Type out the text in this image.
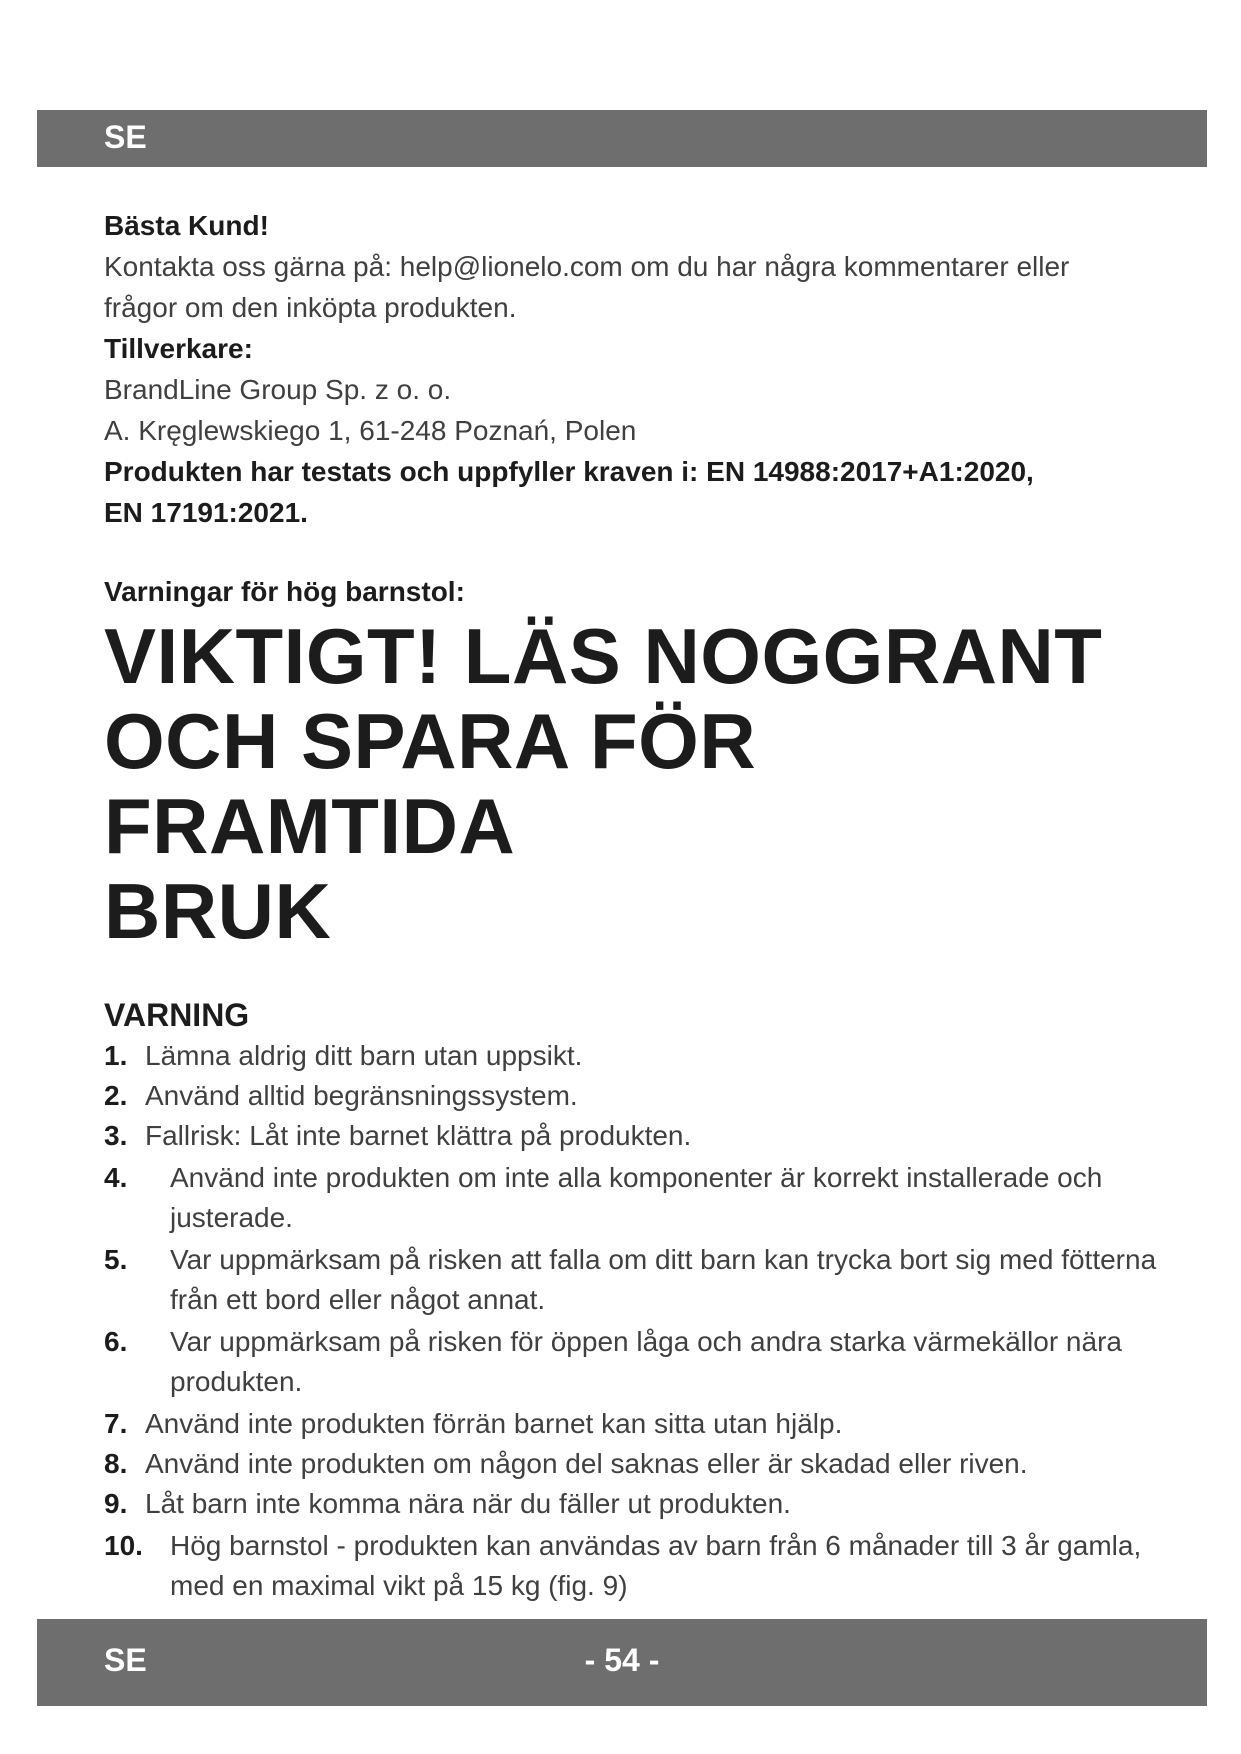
SE

Bästa Kund!

Kontakta oss gärna på: help@lionelo.com om du har några kommentarer eller

frågor om den inköpta produkten.

Tillverkare:

BrandLine Group Sp. z o. o.

A. Kręglewskiego 1, 61-248 Poznań, Polen

Produkten har testats och uppfyller kraven i: EN 14988:2017+A1:2020,

EN 17191:2021.

Varningar för hög barnstol:

VIKTIGT! LÄS NOGGRANT
OCH SPARA FÖR FRAMTIDA
BRUK
VARNING
1. Lämna aldrig ditt barn utan uppsikt.
2. Använd alltid begränsningssystem.
3. Fallrisk: Låt inte barnet klättra på produkten.
4. Använd inte produkten om inte alla komponenter är korrekt installerade och justerade.
5. Var uppmärksam på risken att falla om ditt barn kan trycka bort sig med fötterna från ett bord eller något annat.
6. Var uppmärksam på risken för öppen låga och andra starka värmekällor nära produkten.
7. Använd inte produkten förrän barnet kan sitta utan hjälp.
8. Använd inte produkten om någon del saknas eller är skadad eller riven.
9. Låt barn inte komma nära när du fäller ut produkten.
10. Hög barnstol - produkten kan användas av barn från 6 månader till 3 år gamla, med en maximal vikt på 15 kg (fig. 9)
SE	- 54 -
